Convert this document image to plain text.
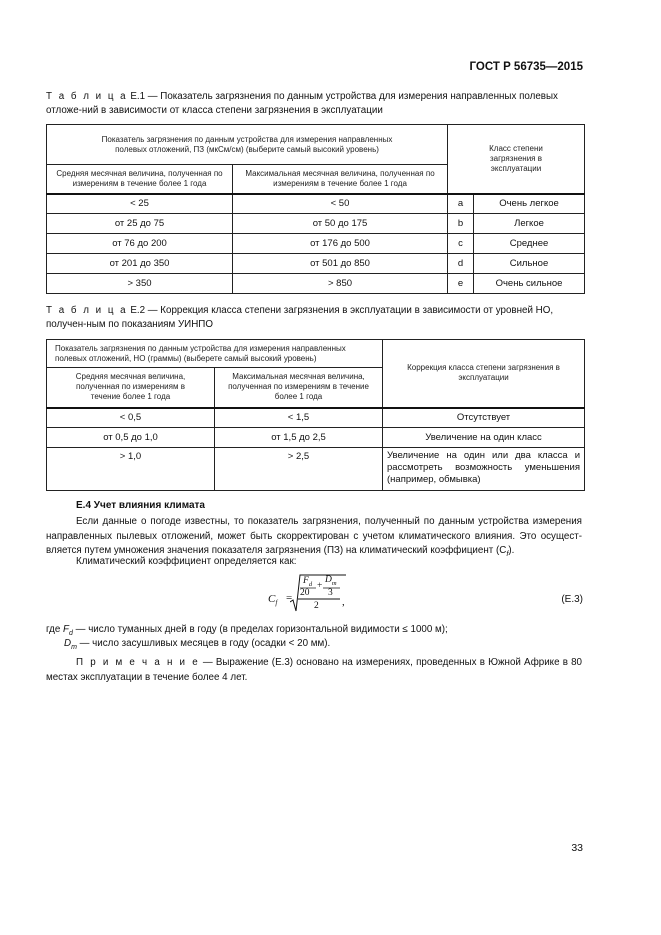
ГОСТ Р 56735—2015
Т а б л и ц а Е.1 — Показатель загрязнения по данным устройства для измерения направленных полевых отложе-ний в зависимости от класса степени загрязнения в эксплуатации
Показатель загрязнения по данным устройства для измерения направленных полевых отложений, ПЗ (мкСм/см) (выберите самый высокий уровень)		Класс степени загрязнения в эксплуатации	
Средняя месячная величина, полученная по измерениям в течение более 1 года	Максимальная месячная величина, полученная по измерениям в течение более 1 года		
< 25	< 50	a	Очень легкое
от 25 до 75	от 50 до 175	b	Легкое
от 76 до 200	от 176 до 500	c	Среднее
от 201 до 350	от 501 до 850	d	Сильное
> 350	> 850	e	Очень сильное
Т а б л и ц а Е.2 — Коррекция класса степени загрязнения в эксплуатации в зависимости от уровней НО, получен-ным по показаниям УИНПО
Показатель загрязнения по данным устройства для измерения направленных полевых отложений, НО (граммы) (выберете самый высокий уровень)		Коррекция класса степени загрязнения в эксплуатации
Средняя месячная величина, полученная по измерениям в течение более 1 года	Максимальная месячная величина, полученная по измерениям в течение более 1 года	
< 0,5	< 1,5	Отсутствует
от 0,5 до 1,0	от 1,5 до 2,5	Увеличение на один класс
> 1,0	> 2,5	Увеличение на один или два класса и рассмотреть возможность уменьшения (например, обмывка)
Е.4 Учет влияния климата
Если данные о погоде известны, то показатель загрязнения, полученный по данным устройства измерения направленных пылевых отложений, может быть скорректирован с учетом климатического влияния. Это осущест-вляется путем умножения значения показателя загрязнения (ПЗ) на климатический коэффициент $(C_f)$.
Климатический коэффициент определяется как:
$C_f$ =
$F_d$
20
+
$D_m$
3
2 ,	(Е.3)
где $F_d$ — число туманных дней в году (в пределах горизонтальной видимости ≤ 1000 м);
$D_m$ — число засушливых месяцев в году (осадки < 20 мм).
П р и м е ч а н и е — Выражение (Е.3) основано на измерениях, проведенных в Южной Африке в 80 местах эксплуатации в течение более 4 лет.
33
